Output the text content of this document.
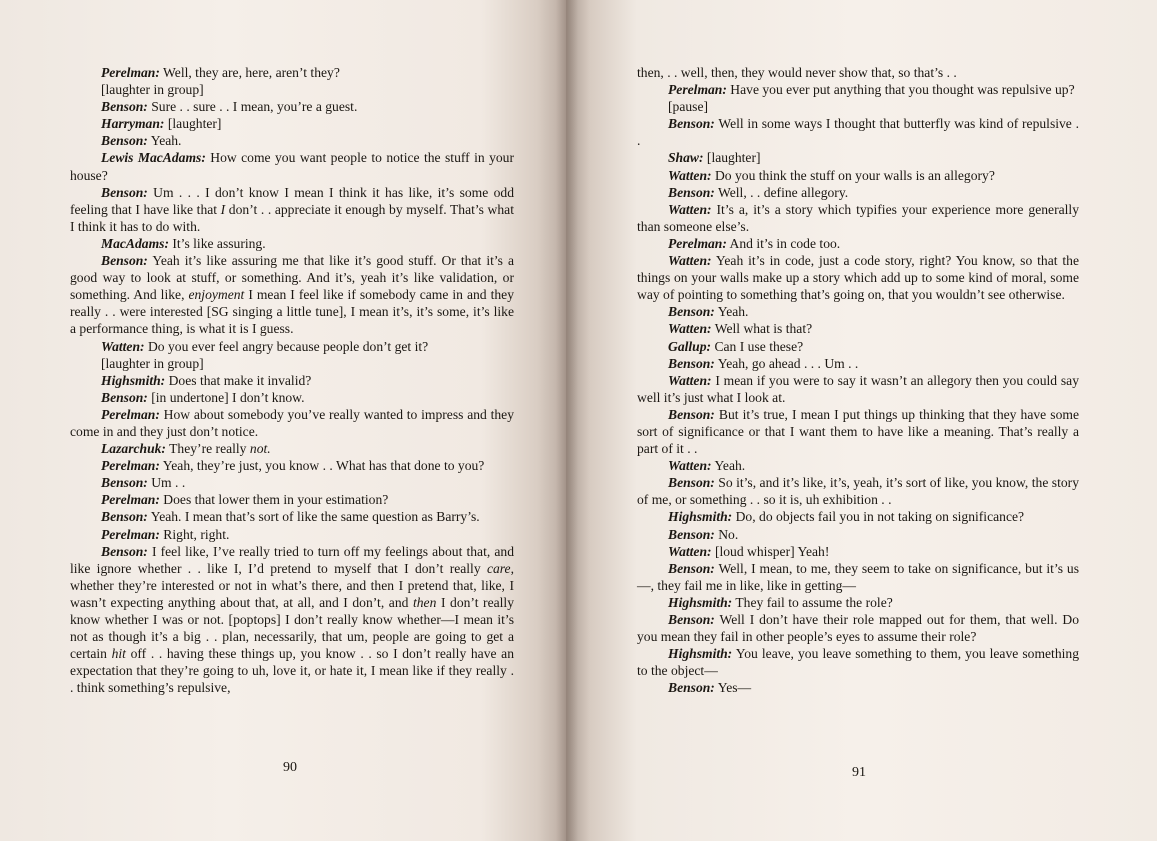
Perelman: Well, they are, here, aren’t they?

[laughter in group]

Benson: Sure . . sure . . I mean, you’re a guest.

Harryman: [laughter]

Benson: Yeah.

Lewis MacAdams: How come you want people to notice the stuff in your house?

Benson: Um . . . I don’t know I mean I think it has like, it’s some odd feeling that I have like that I don’t . . appreciate it enough by myself. That’s what I think it has to do with.

MacAdams: It’s like assuring.

Benson: Yeah it’s like assuring me that like it’s good stuff. Or that it’s a good way to look at stuff, or something. And it’s, yeah it’s like validation, or something. And like, enjoyment I mean I feel like if somebody came in and they really . . were interested [SG singing a little tune], I mean it’s, it’s some, it’s like a performance thing, is what it is I guess.

Watten: Do you ever feel angry because people don’t get it?

[laughter in group]

Highsmith: Does that make it invalid?

Benson: [in undertone] I don’t know.

Perelman: How about somebody you’ve really wanted to impress and they come in and they just don’t notice.

Lazarchuk: They’re really not.

Perelman: Yeah, they’re just, you know . . What has that done to you?

Benson: Um . .

Perelman: Does that lower them in your estimation?

Benson: Yeah. I mean that’s sort of like the same question as Barry’s.

Perelman: Right, right.

Benson: I feel like, I’ve really tried to turn off my feelings about that, and like ignore whether . . like I, I’d pretend to myself that I don’t really care, whether they’re interested or not in what’s there, and then I pretend that, like, I wasn’t expecting anything about that, at all, and I don’t, and then I don’t really know whether I was or not. [poptops] I don’t really know whether—I mean it’s not as though it’s a big . . plan, necessarily, that um, people are going to get a certain hit off . . having these things up, you know . . so I don’t really have an expectation that they’re going to uh, love it, or hate it, I mean like if they really . . think something’s repulsive,

then, . . well, then, they would never show that, so that’s . .

Perelman: Have you ever put anything that you thought was repulsive up?

[pause]

Benson: Well in some ways I thought that butterfly was kind of repulsive . .

Shaw: [laughter]

Watten: Do you think the stuff on your walls is an allegory?

Benson: Well, . . define allegory.

Watten: It’s a, it’s a story which typifies your experience more generally than someone else’s.

Perelman: And it’s in code too.

Watten: Yeah it’s in code, just a code story, right? You know, so that the things on your walls make up a story which add up to some kind of moral, some way of pointing to something that’s going on, that you wouldn’t see otherwise.

Benson: Yeah.

Watten: Well what is that?

Gallup: Can I use these?

Benson: Yeah, go ahead . . . Um . .

Watten: I mean if you were to say it wasn’t an allegory then you could say well it’s just what I look at.

Benson: But it’s true, I mean I put things up thinking that they have some sort of significance or that I want them to have like a meaning. That’s really a part of it . .

Watten: Yeah.

Benson: So it’s, and it’s like, it’s, yeah, it’s sort of like, you know, the story of me, or something . . so it is, uh exhibition . .

Highsmith: Do, do objects fail you in not taking on significance?

Benson: No.

Watten: [loud whisper] Yeah!

Benson: Well, I mean, to me, they seem to take on significance, but it’s us—, they fail me in like, like in getting—

Highsmith: They fail to assume the role?

Benson: Well I don’t have their role mapped out for them, that well. Do you mean they fail in other people’s eyes to assume their role?

Highsmith: You leave, you leave something to them, you leave something to the object—

Benson: Yes—

90	91
